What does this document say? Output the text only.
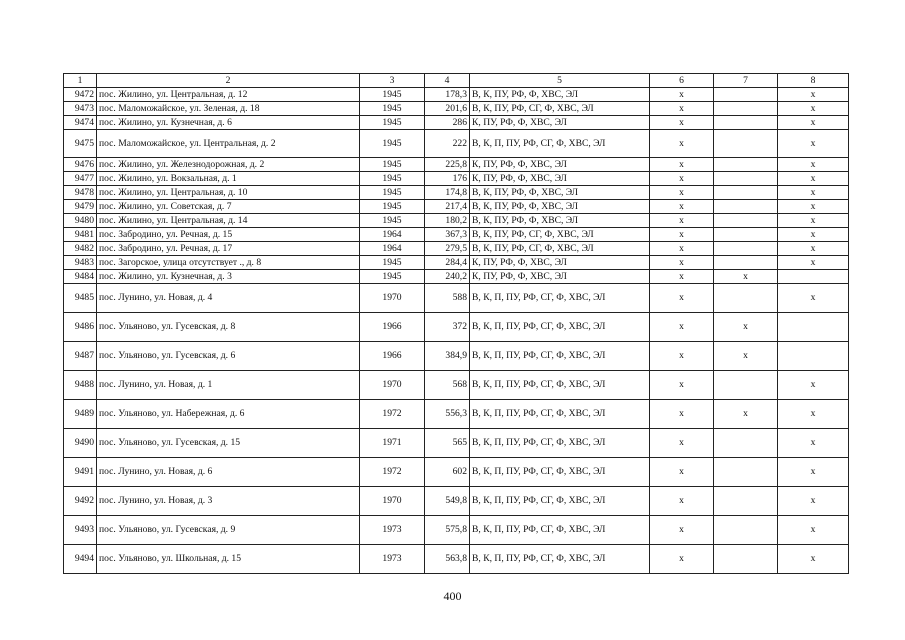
1	2	3	4	5	6	7	8
9472	пос. Жилино, ул. Центральная, д. 12	1945	178,3	В, К, ПУ, РФ, Ф, ХВС, ЭЛ	х		х
9473	пос. Маломожайское, ул. Зеленая, д. 18	1945	201,6	В, К, ПУ, РФ, СГ, Ф, ХВС, ЭЛ	х		х
9474	пос. Жилино, ул. Кузнечная, д. 6	1945	286	К, ПУ, РФ, Ф, ХВС, ЭЛ	х		х
9475	пос. Маломожайское, ул. Центральная, д. 2	1945	222	В, К, П, ПУ, РФ, СГ, Ф, ХВС, ЭЛ	х		х
9476	пос. Жилино, ул. Железнодорожная, д. 2	1945	225,8	К, ПУ, РФ, Ф, ХВС, ЭЛ	х		х
9477	пос. Жилино, ул. Вокзальная, д. 1	1945	176	К, ПУ, РФ, Ф, ХВС, ЭЛ	х		х
9478	пос. Жилино, ул. Центральная, д. 10	1945	174,8	В, К, ПУ, РФ, Ф, ХВС, ЭЛ	х		х
9479	пос. Жилино, ул. Советская, д. 7	1945	217,4	В, К, ПУ, РФ, Ф, ХВС, ЭЛ	х		х
9480	пос. Жилино, ул. Центральная, д. 14	1945	180,2	В, К, ПУ, РФ, Ф, ХВС, ЭЛ	х		х
9481	пос. Забродино, ул. Речная, д. 15	1964	367,3	В, К, ПУ, РФ, СГ, Ф, ХВС, ЭЛ	х		х
9482	пос. Забродино, ул. Речная, д. 17	1964	279,5	В, К, ПУ, РФ, СГ, Ф, ХВС, ЭЛ	х		х
9483	пос. Загорское, улица отсутствует ., д. 8	1945	284,4	К, ПУ, РФ, Ф, ХВС, ЭЛ	х		х
9484	пос. Жилино, ул. Кузнечная, д. 3	1945	240,2	К, ПУ, РФ, Ф, ХВС, ЭЛ	х	х	
9485	пос. Лунино, ул. Новая, д. 4	1970	588	В, К, П, ПУ, РФ, СГ, Ф, ХВС, ЭЛ	х		х
9486	пос. Ульяново, ул. Гусевская, д. 8	1966	372	В, К, П, ПУ, РФ, СГ, Ф, ХВС, ЭЛ	х	х	
9487	пос. Ульяново, ул. Гусевская, д. 6	1966	384,9	В, К, П, ПУ, РФ, СГ, Ф, ХВС, ЭЛ	х	х	
9488	пос. Лунино, ул. Новая, д. 1	1970	568	В, К, П, ПУ, РФ, СГ, Ф, ХВС, ЭЛ	х		х
9489	пос. Ульяново, ул. Набережная, д. 6	1972	556,3	В, К, П, ПУ, РФ, СГ, Ф, ХВС, ЭЛ	х	х	х
9490	пос. Ульяново, ул. Гусевская, д. 15	1971	565	В, К, П, ПУ, РФ, СГ, Ф, ХВС, ЭЛ	х		х
9491	пос. Лунино, ул. Новая, д. 6	1972	602	В, К, П, ПУ, РФ, СГ, Ф, ХВС, ЭЛ	х		х
9492	пос. Лунино, ул. Новая, д. 3	1970	549,8	В, К, П, ПУ, РФ, СГ, Ф, ХВС, ЭЛ	х		х
9493	пос. Ульяново, ул. Гусевская, д. 9	1973	575,8	В, К, П, ПУ, РФ, СГ, Ф, ХВС, ЭЛ	х		х
9494	пос. Ульяново, ул. Школьная, д. 15	1973	563,8	В, К, П, ПУ, РФ, СГ, Ф, ХВС, ЭЛ	х		х
400
